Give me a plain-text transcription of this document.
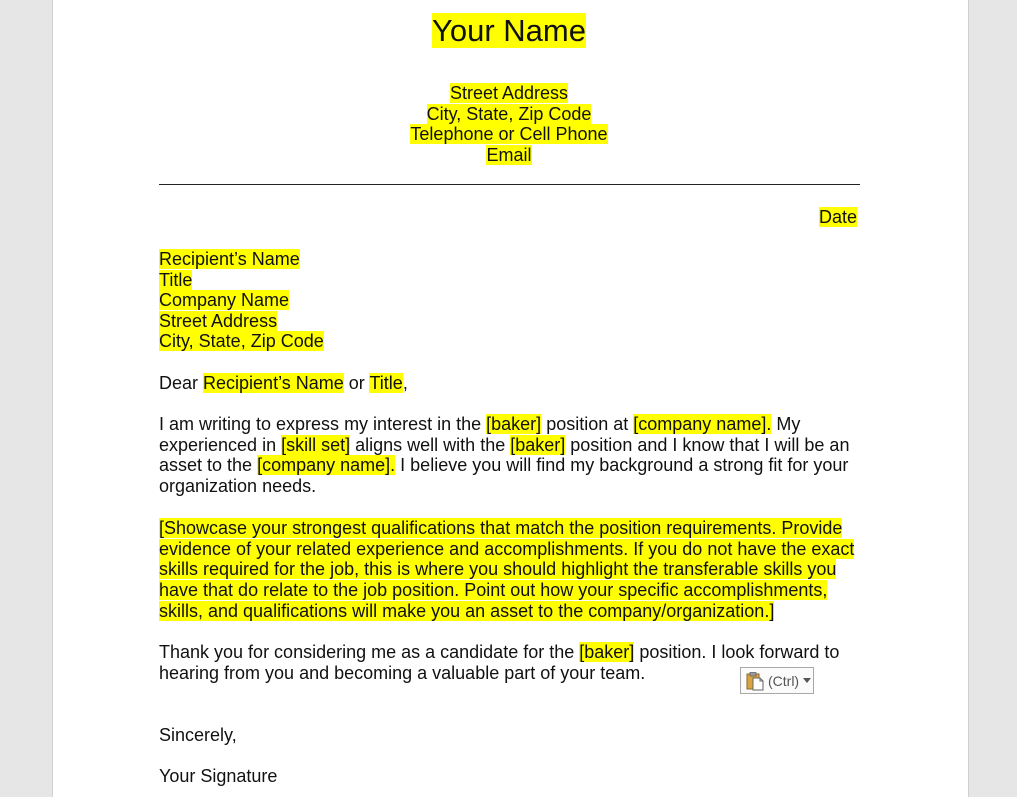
Your Name
Street Address
City, State, Zip Code
Telephone or Cell Phone
Email
Date
Recipient’s Name
Title
Company Name
Street Address
City, State, Zip Code
Dear Recipient’s Name or Title,
I am writing to express my interest in the [baker] position at [company name]. My experienced in [skill set] aligns well with the [baker] position and I know that I will be an asset to the [company name]. I believe you will find my background a strong fit for your organization needs.
[Showcase your strongest qualifications that match the position requirements. Provide evidence of your related experience and accomplishments. If you do not have the exact skills required for the job, this is where you should highlight the transferable skills you have that do relate to the job position. Point out how your specific accomplishments, skills, and qualifications will make you an asset to the company/organization.]
Thank you for considering me as a candidate for the [baker] position. I look forward to hearing from you and becoming a valuable part of your team.	(Ctrl)
Sincerely,
Your Signature
